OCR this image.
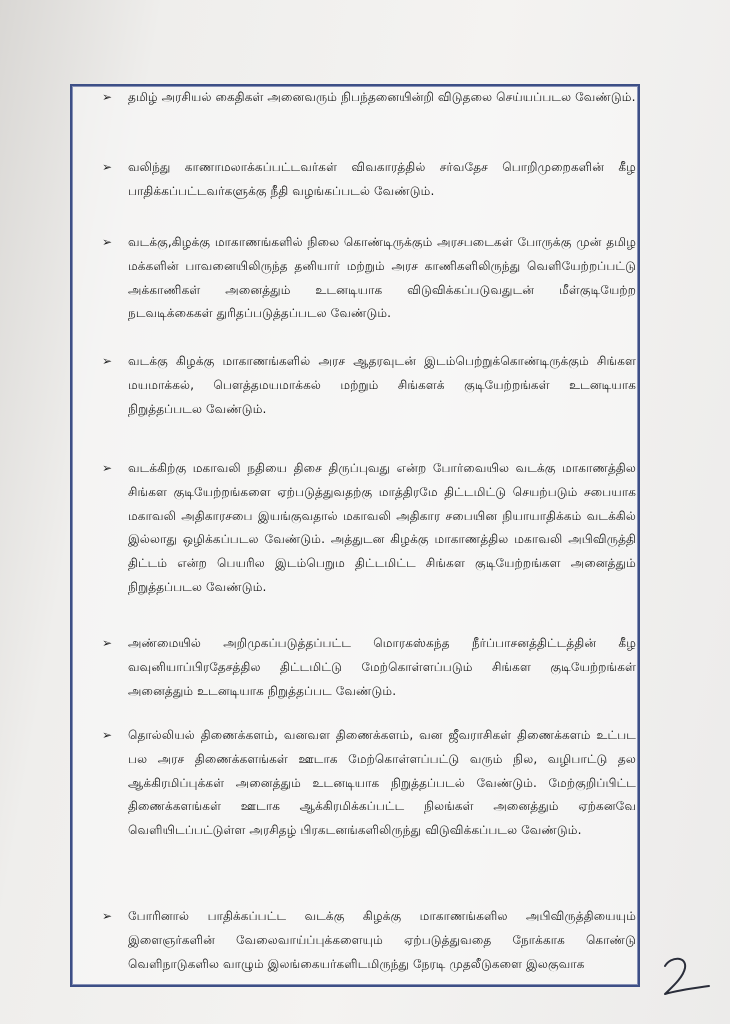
➢ தமிழ் அரசியல் கைதிகள் அனைவரும் நிபந்தனையின்றி விடுதலை செய்யப்படல வேண்டும்.
➢ வலிந்து காணாமலாக்கப்பட்டவர்கள் விவகாரத்தில் சர்வதேச பொறிமுறைகளின் கீழ பாதிக்கப்பட்டவர்களுக்கு நீதி வழங்கப்படல் வேண்டும்.
➢ வடக்கு,கிழக்கு மாகாணங்களில் நிலை கொண்டிருக்கும் அரசபடைகள் போருக்கு முன் தமிழ மக்களின் பாவனையிலிருந்த தனியார் மற்றும் அரச காணிகளிலிருந்து வெளியேற்றப்பட்டு அக்காணிகள் அனைத்தும் உடனடியாக விடுவிக்கப்படுவதுடன் மீள்குடியேற்ற நடவடிக்கைகள் துரிதப்படுத்தப்படல வேண்டும்.
➢ வடக்கு கிழக்கு மாகாணங்களில் அரச ஆதரவுடன் இடம்பெற்றுக்கொண்டிருக்கும் சிங்கள மயமாக்கல், பௌத்தமயமாக்கல் மற்றும் சிங்களக் குடியேற்றங்கள் உடனடியாக நிறுத்தப்படல வேண்டும்.
➢ வடக்கிற்கு மகாவலி நதியை திசை திருப்புவது என்ற போர்வையில வடக்கு மாகாணத்தில சிங்கள குடியேற்றங்களை ஏற்படுத்துவதற்கு மாத்திரமே திட்டமிட்டு செயற்படும் சபையாக மகாவலி அதிகாரசபை இயங்குவதால் மகாவலி அதிகார சபையின நியாயாதிக்கம் வடக்கில் இல்லாது ஒழிக்கப்படல வேண்டும். அத்துடன கிழக்கு மாகாணத்தில மகாவலி அபிவிருத்தி திட்டம் என்ற பெயரில இடம்பெறும திட்டமிட்ட சிங்கள குடியேற்றங்கள அனைத்தும் நிறுத்தப்படல வேண்டும்.
➢ அண்மையில் அறிமுகப்படுத்தப்பட்ட மொரகஸ்கந்த நீர்ப்பாசனத்திட்டத்தின் கீழ வவுனியாப்பிரதேசத்தில திட்டமிட்டு மேற்கொள்ளப்படும் சிங்கள குடியேற்றங்கள் அனைத்தும் உடனடியாக நிறுத்தப்பட வேண்டும்.
➢ தொல்லியல் திணைக்களம், வனவள திணைக்களம், வன ஜீவராசிகள் திணைக்களம் உட்பட பல அரச திணைக்களங்கள் ஊடாக மேற்கொள்ளப்பட்டு வரும் நில, வழிபாட்டு தல ஆக்கிரமிப்புக்கள் அனைத்தும் உடனடியாக நிறுத்தப்படல் வேண்டும். மேற்குறிப்பிட்ட திணைக்களங்கள் ஊடாக ஆக்கிரமிக்கப்பட்ட நிலங்கள் அனைத்தும் ஏற்கனவே வெளியிடப்பட்டுள்ள அரசிதழ் பிரகடனங்களிலிருந்து விடுவிக்கப்படல வேண்டும்.
➢ போரினால் பாதிக்கப்பட்ட வடக்கு கிழக்கு மாகாணங்களில அபிவிருத்தியையும் இளைஞர்களின் வேலைவாய்ப்புக்களையும் ஏற்படுத்துவதை நோக்காக கொண்டு வெளிநாடுகளில வாழும் இலங்கையர்களிடமிருந்து நேரடி முதலீடுகளை இலகுவாக
